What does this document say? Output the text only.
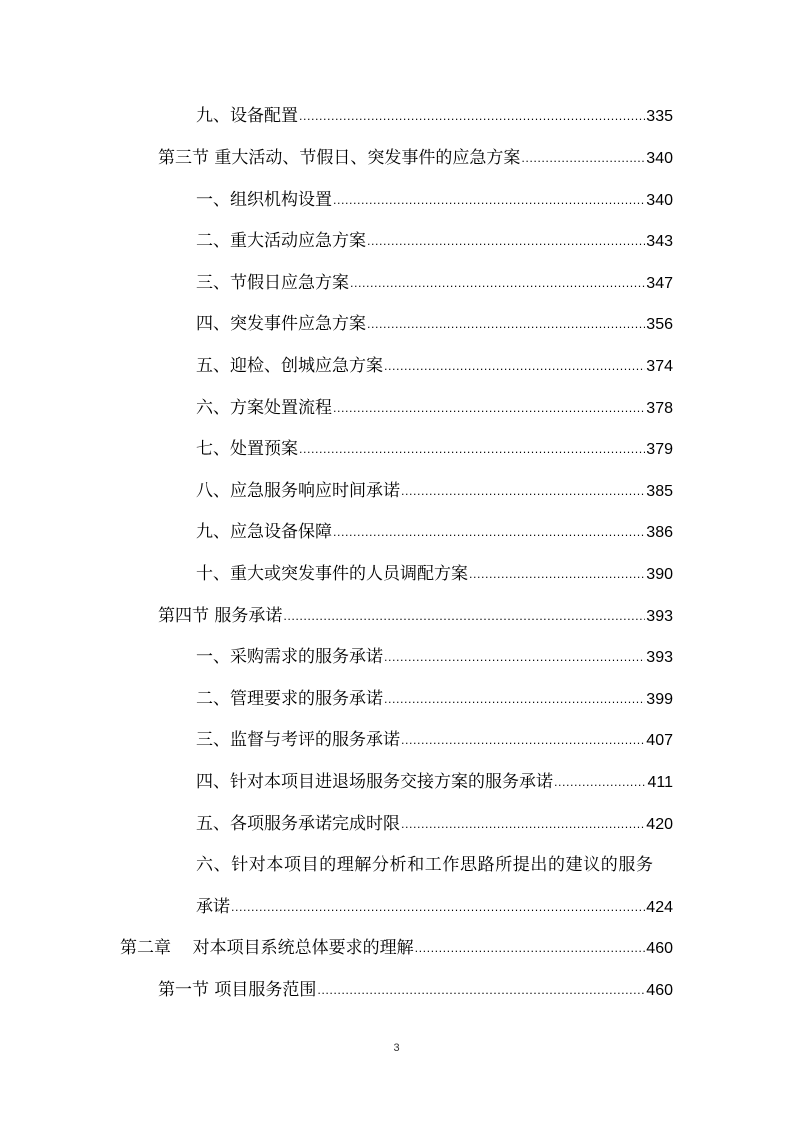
九、设备配置 .....	335
第三节 重大活动、节假日、突发事件的应急方案 .....	340
一、组织机构设置 .....	340
二、重大活动应急方案 .....	343
三、节假日应急方案 .....	347
四、突发事件应急方案 .....	356
五、迎检、创城应急方案 .....	374
六、方案处置流程 .....	378
七、处置预案 .....	379
八、应急服务响应时间承诺 .....	385
九、应急设备保障 .....	386
十、重大或突发事件的人员调配方案 .....	390
第四节 服务承诺 .....	393
一、采购需求的服务承诺 .....	393
二、管理要求的服务承诺 .....	399
三、监督与考评的服务承诺 .....	407
四、针对本项目进退场服务交接方案的服务承诺 .....	411
五、各项服务承诺完成时限 .....	420
六、针对本项目的理解分析和工作思路所提出的建议的服务
承诺 .....	424
第二章    对本项目系统总体要求的理解 .....	460
第一节 项目服务范围 .....	460
3
